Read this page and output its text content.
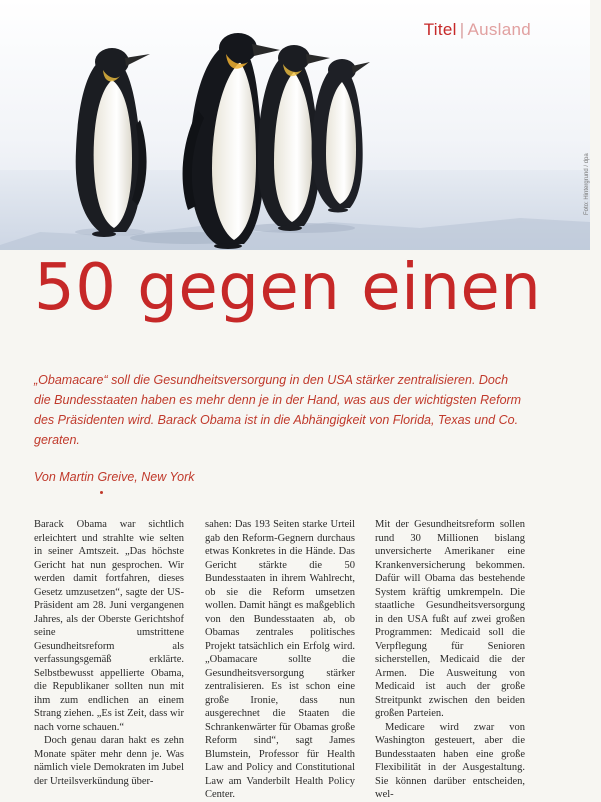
Titel | Ausland
Foto: Hintergrund / dpa
50 gegen einen

„Obamacare“ soll die Gesundheitsversorgung in den USA stärker zentralisieren. Doch die Bundesstaaten haben es mehr denn je in der Hand, was aus der wichtigsten Reform des Präsidenten wird. Barack Obama ist in die Abhängigkeit von Florida, Texas und Co. geraten.

Von Martin Greive, New York

Barack Obama war sichtlich erleichtert und strahlte wie selten in seiner Amtszeit. „Das höchste Gericht hat nun gesprochen. Wir werden damit fortfahren, dieses Gesetz umzusetzen“, sagte der US-Präsident am 28. Juni vergangenen Jahres, als der Oberste Gerichtshof seine umstrittene Gesundheitsreform als verfassungsgemäß erklärte. Selbstbewusst appellierte Obama, die Republikaner sollten nun mit ihm zum endlichen an einem Strang ziehen. „Es ist Zeit, dass wir nach vorne schauen.“

Doch genau daran hakt es zehn Monate später mehr denn je. Was nämlich viele Demokraten im Jubel der Urteilsverkündung über-

sahen: Das 193 Seiten starke Urteil gab den Reform-Gegnern durchaus etwas Konkretes in die Hände. Das Gericht stärkte die 50 Bundesstaaten in ihrem Wahlrecht, ob sie die Reform umsetzen wollen. Damit hängt es maßgeblich von den Bundesstaaten ab, ob Obamas zentrales politisches Projekt tatsächlich ein Erfolg wird. „Obamacare sollte die Gesundheitsversorgung stärker zentralisieren. Es ist schon eine große Ironie, dass nun ausgerechnet die Staaten die Schrankenwärter für Obamas große Reform sind“, sagt James Blumstein, Professor für Health Law and Policy and Constitutional Law am Vanderbilt Health Policy Center.

Mit der Gesundheitsreform sollen rund 30 Millionen bislang unversicherte Amerikaner eine Krankenversicherung bekommen. Dafür will Obama das bestehende System kräftig umkrempeln. Die staatliche Gesundheitsversorgung in den USA fußt auf zwei großen Programmen: Medicaid soll die Verpflegung für Senioren sicherstellen, Medicaid die der Armen. Die Ausweitung von Medicaid ist auch der große Streitpunkt zwischen den beiden großen Parteien.

Medicare wird zwar von Washington gesteuert, aber die Bundesstaaten haben eine große Flexibilität in der Ausgestaltung. Sie können darüber entscheiden, wel-
